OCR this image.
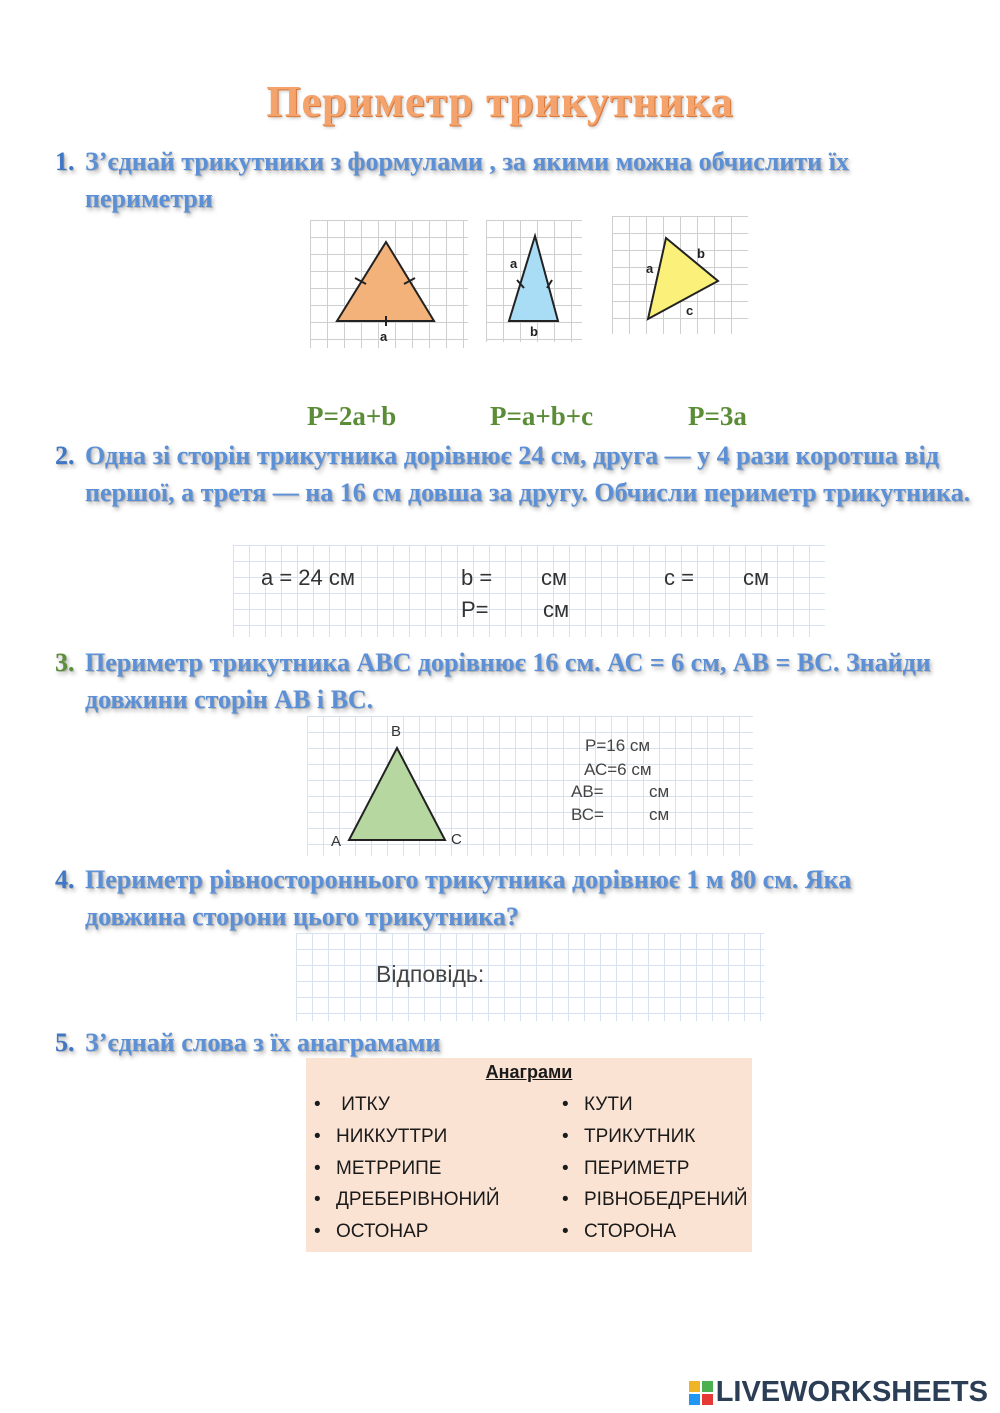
Периметр трикутника
1. З’єднай трикутники з формулами , за якими можна обчислити їх периметри
a
a
b
a
b
c
P=2a+b	P=a+b+c	P=3a
2. Одна зі сторін трикутника дорівнює 24 см, друга — у 4 рази коротша від першої, а третя — на 16 см довша за другу. Обчисли периметр трикутника.
a = 24 см	b = см	c = см
P= см
3. Периметр трикутника АВС дорівнює 16 см. АС = 6 см, АВ = ВС. Знайди довжини сторін АВ і ВС.
B
A	C
P=16 см
АС=6 см
АВ=	см
ВС=	см
4. Периметр рівностороннього трикутника дорівнює 1 м 80 см. Яка довжина сторони цього трикутника?
Відповідь:
5. З’єднай слова з їх анаграмами
Анаграми
• ИТКУ
• НИККУТТРИ
• МЕТРРИПЕ
• ДРЕБЕРІВНОНИЙ
• ОСТОНАР
• КУТИ
• ТРИКУТНИК
• ПЕРИМЕТР
• РІВНОБЕДРЕНИЙ
• СТОРОНА
LIVEWORKSHEETS
